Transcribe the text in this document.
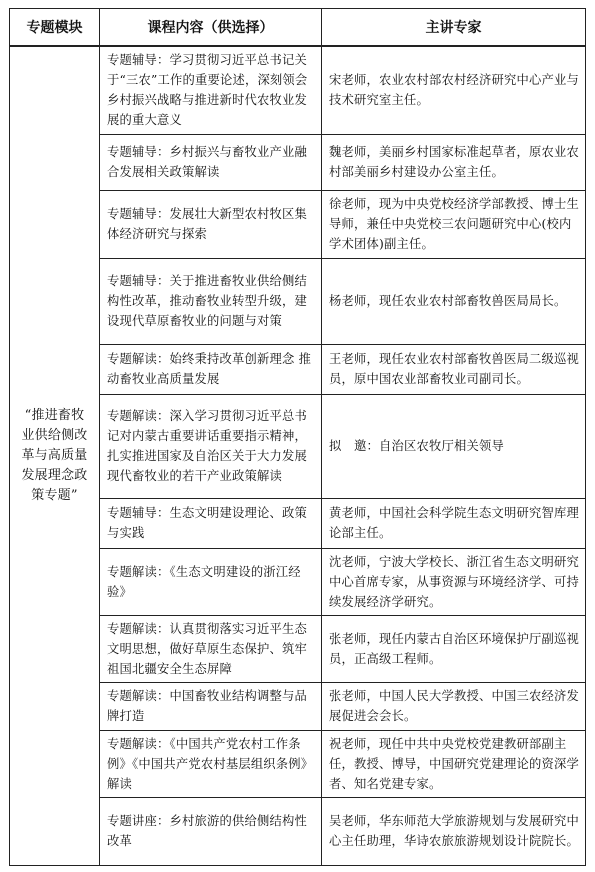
专题模块	课程内容（供选择）	主讲专家
“推进畜牧业供给侧改革与高质量发展理念政策专题”	专题辅导：学习贯彻习近平总书记关于“三农”工作的重要论述，深刻领会乡村振兴战略与推进新时代农牧业发展的重大意义	宋老师，农业农村部农村经济研究中心产业与技术研究室主任。
	专题辅导：乡村振兴与畜牧业产业融合发展相关政策解读	魏老师，美丽乡村国家标准起草者，原农业农村部美丽乡村建设办公室主任。
	专题辅导：发展壮大新型农村牧区集体经济研究与探索	徐老师，现为中央党校经济学部教授、博士生导师，兼任中央党校三农问题研究中心(校内学术团体)副主任。
	专题辅导：关于推进畜牧业供给侧结构性改革，推动畜牧业转型升级，建设现代草原畜牧业的问题与对策	杨老师，现任农业农村部畜牧兽医局局长。
	专题解读：始终秉持改革创新理念 推动畜牧业高质量发展	王老师，现任农业农村部畜牧兽医局二级巡视员，原中国农业部畜牧业司副司长。
	专题解读：深入学习贯彻习近平总书记对内蒙古重要讲话重要指示精神，扎实推进国家及自治区关于大力发展现代畜牧业的若干产业政策解读	拟　邀：自治区农牧厅相关领导
	专题辅导：生态文明建设理论、政策与实践	黄老师，中国社会科学院生态文明研究智库理论部主任。
	专题解读：《生态文明建设的浙江经验》	沈老师，宁波大学校长、浙江省生态文明研究中心首席专家，从事资源与环境经济学、可持续发展经济学研究。
	专题解读：认真贯彻落实习近平生态文明思想，做好草原生态保护、筑牢祖国北疆安全生态屏障	张老师，现任内蒙古自治区环境保护厅副巡视员，正高级工程师。
	专题解读：中国畜牧业结构调整与品牌打造	张老师，中国人民大学教授、中国三农经济发展促进会会长。
	专题解读：《中国共产党农村工作条例》《中国共产党农村基层组织条例》解读	祝老师，现任中共中央党校党建教研部副主任，教授、博导，中国研究党建理论的资深学者、知名党建专家。
	专题讲座：乡村旅游的供给侧结构性改革	吴老师，华东师范大学旅游规划与发展研究中心主任助理，华诗农旅旅游规划设计院院长。
